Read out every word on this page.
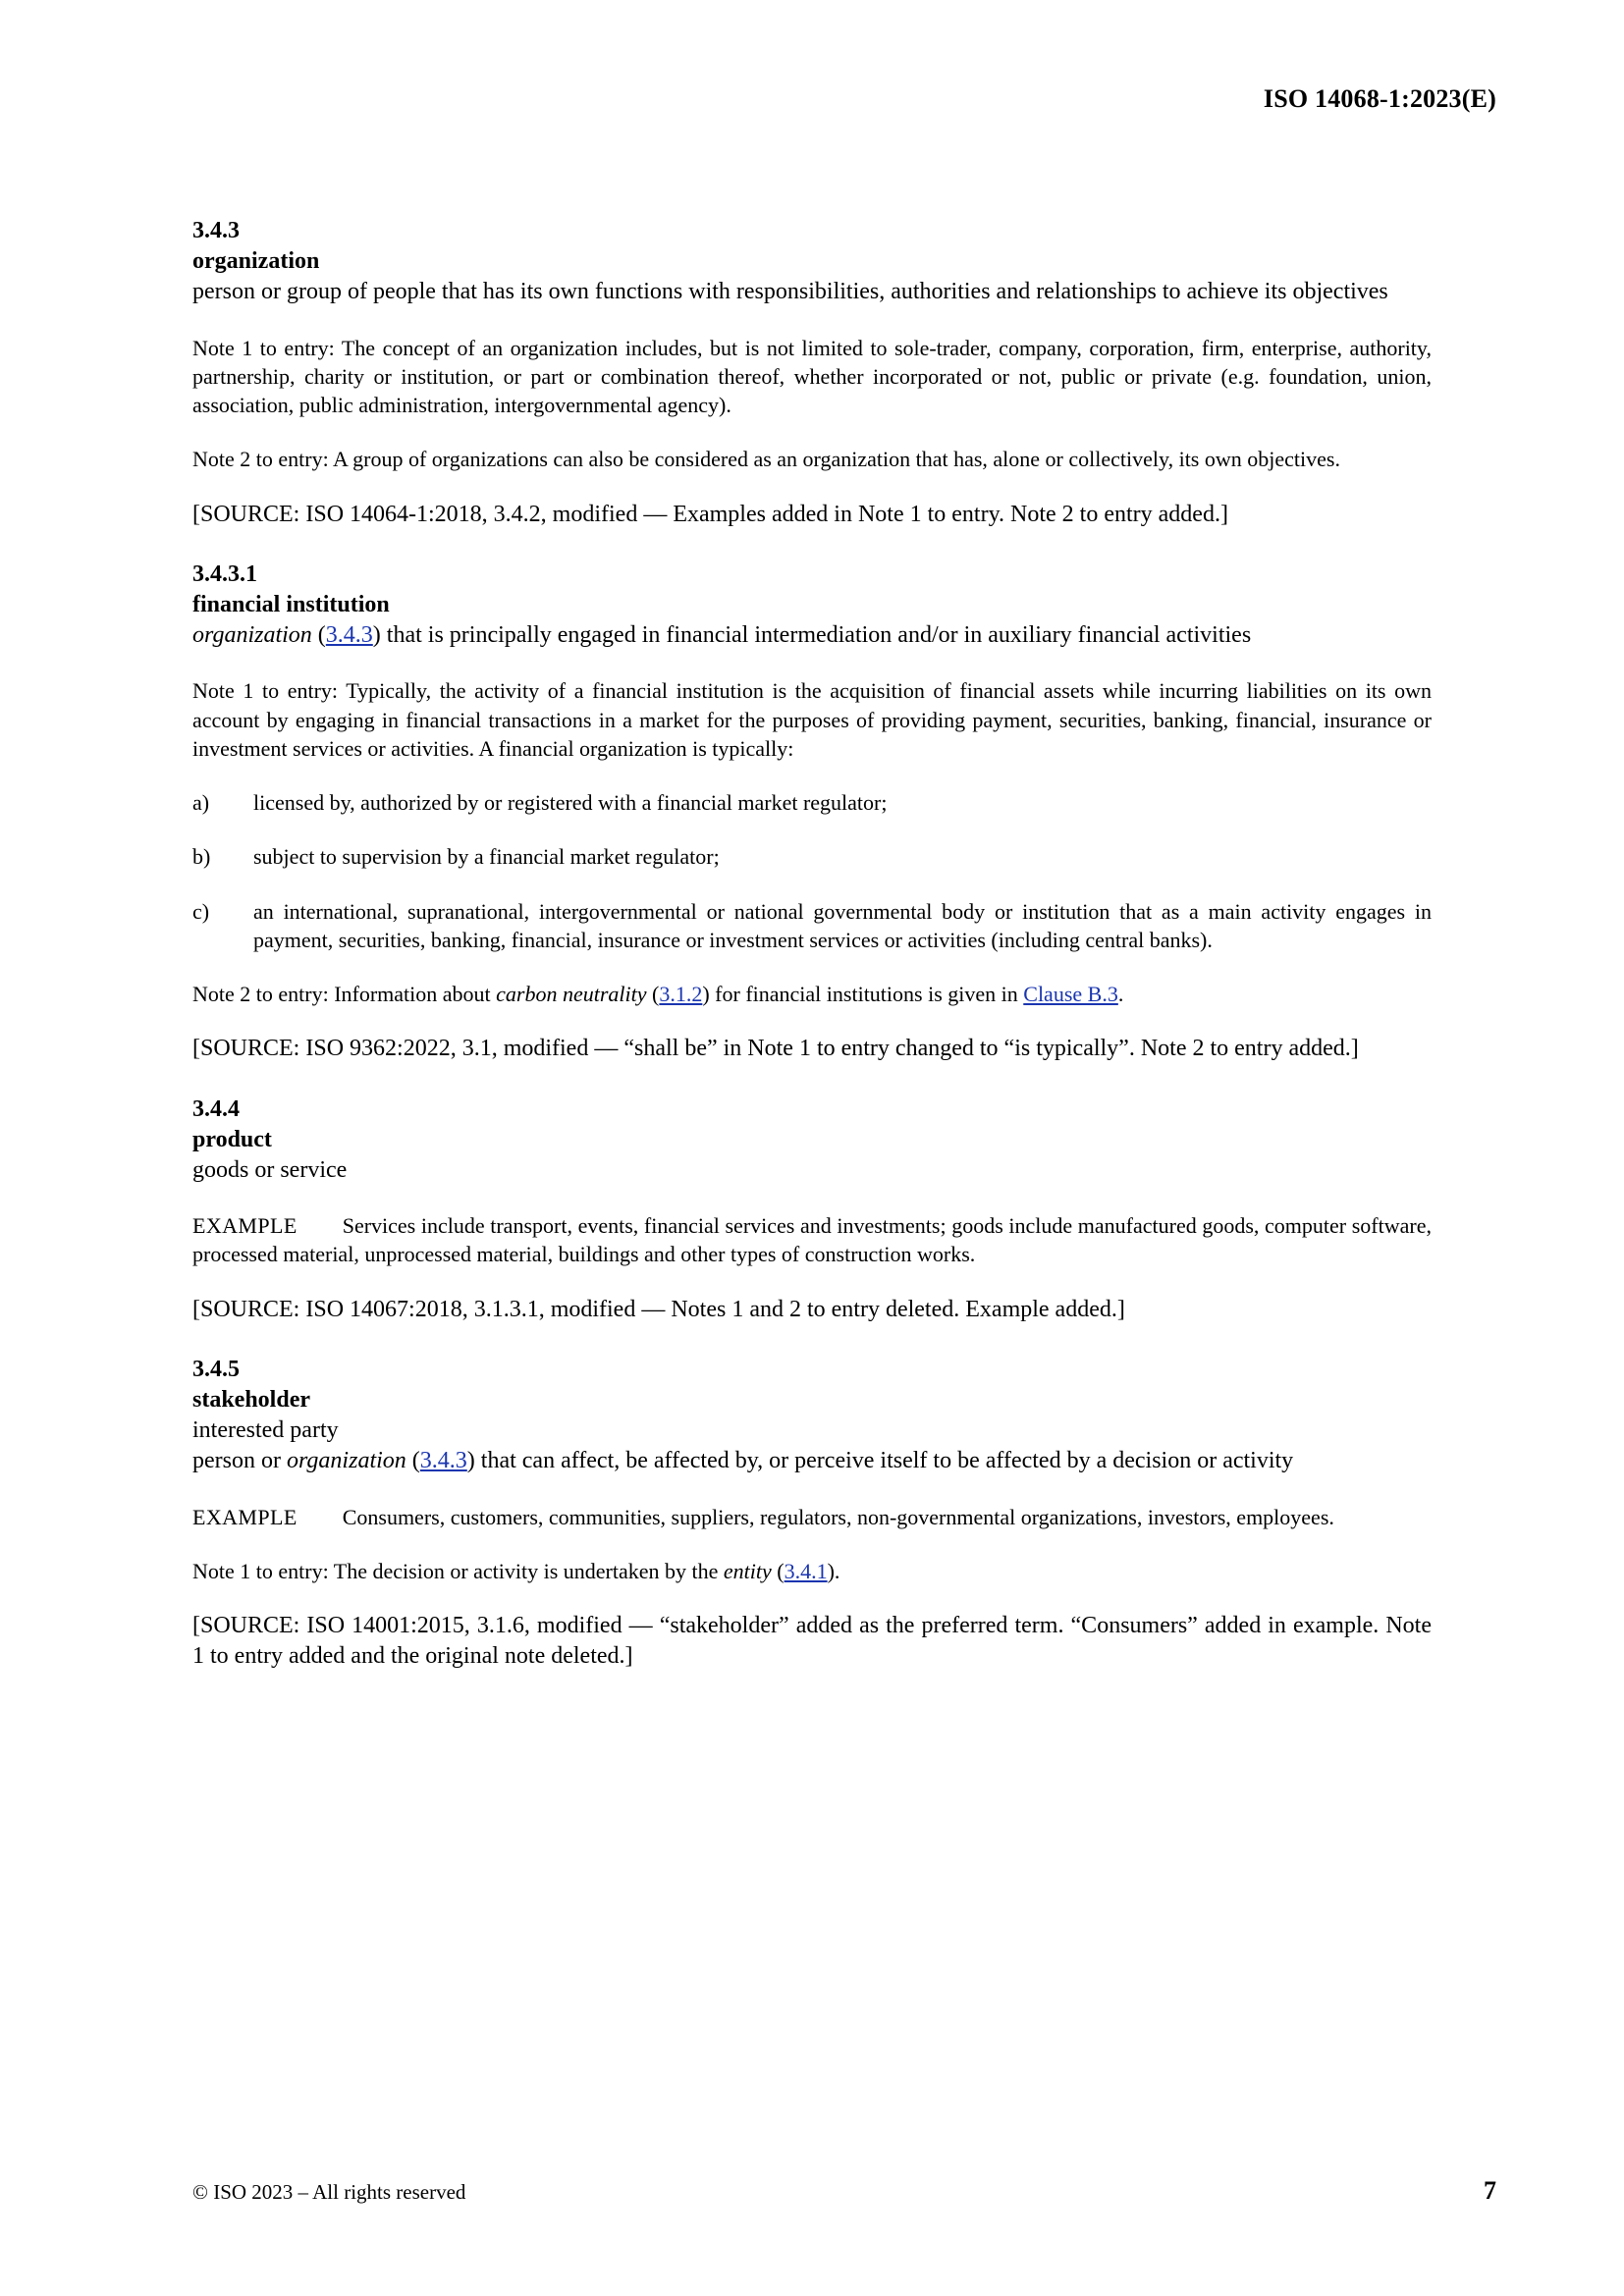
ISO 14068-1:2023(E)

3.4.3

organization

person or group of people that has its own functions with responsibilities, authorities and relationships to achieve its objectives

Note 1 to entry: The concept of an organization includes, but is not limited to sole-trader, company, corporation, firm, enterprise, authority, partnership, charity or institution, or part or combination thereof, whether incorporated or not, public or private (e.g. foundation, union, association, public administration, intergovernmental agency).

Note 2 to entry: A group of organizations can also be considered as an organization that has, alone or collectively, its own objectives.

[SOURCE: ISO 14064-1:2018, 3.4.2, modified — Examples added in Note 1 to entry. Note 2 to entry added.]

3.4.3.1

financial institution

organization (3.4.3) that is principally engaged in financial intermediation and/or in auxiliary financial activities

Note 1 to entry: Typically, the activity of a financial institution is the acquisition of financial assets while incurring liabilities on its own account by engaging in financial transactions in a market for the purposes of providing payment, securities, banking, financial, insurance or investment services or activities. A financial organization is typically:

a) licensed by, authorized by or registered with a financial market regulator;
b) subject to supervision by a financial market regulator;
c) an international, supranational, intergovernmental or national governmental body or institution that as a main activity engages in payment, securities, banking, financial, insurance or investment services or activities (including central banks).

Note 2 to entry: Information about carbon neutrality (3.1.2) for financial institutions is given in Clause B.3.

[SOURCE: ISO 9362:2022, 3.1, modified — “shall be” in Note 1 to entry changed to “is typically”. Note 2 to entry added.]

3.4.4

product

goods or service

EXAMPLE Services include transport, events, financial services and investments; goods include manufactured goods, computer software, processed material, unprocessed material, buildings and other types of construction works.

[SOURCE: ISO 14067:2018, 3.1.3.1, modified — Notes 1 and 2 to entry deleted. Example added.]

3.4.5

stakeholder

interested party

person or organization (3.4.3) that can affect, be affected by, or perceive itself to be affected by a decision or activity

EXAMPLE Consumers, customers, communities, suppliers, regulators, non-governmental organizations, investors, employees.

Note 1 to entry: The decision or activity is undertaken by the entity (3.4.1).

[SOURCE: ISO 14001:2015, 3.1.6, modified — “stakeholder” added as the preferred term. “Consumers” added in example. Note 1 to entry added and the original note deleted.]

© ISO 2023 – All rights reserved	7
